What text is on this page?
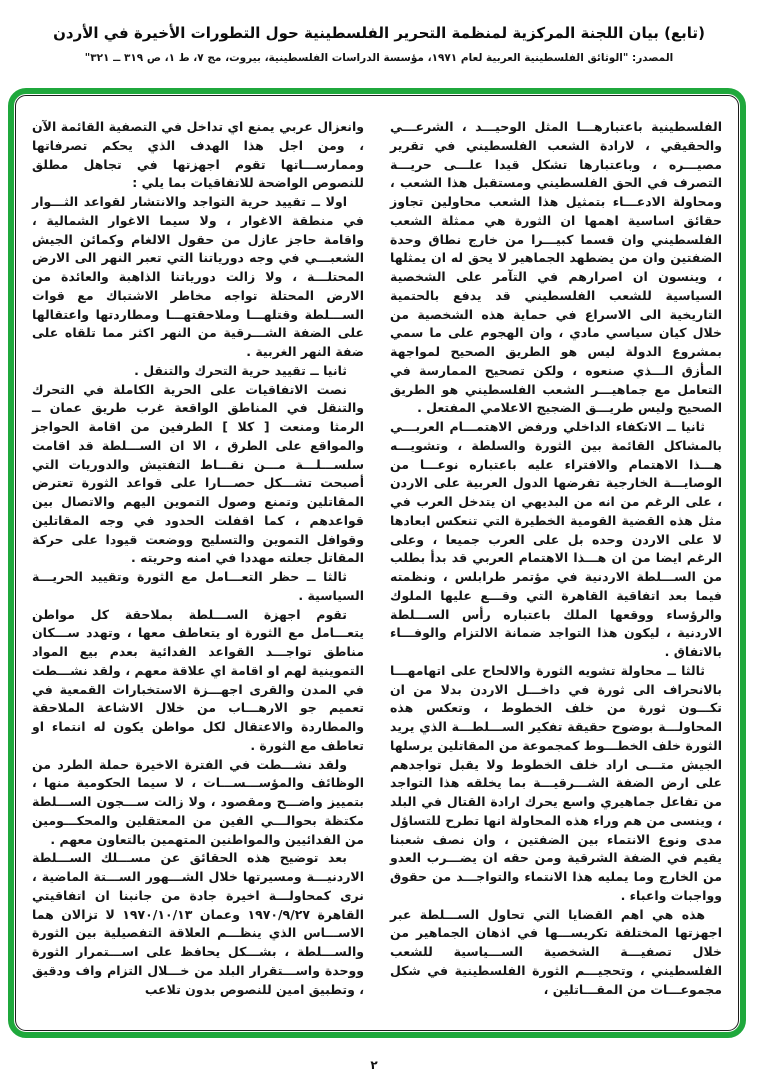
(تابع) بيان اللجنة المركزية لمنظمة التحرير الفلسطينية حول التطورات الأخيرة في الأردن
المصدر: "الوثائق الفلسطينية العربية لعام ١٩٧١، مؤسسة الدراسات الفلسطينية، بيروت، مج ٧، ط ١، ص ٣١٩ ــ ٣٢١"

الفلسطينية باعتبارهـــا المثل الوحيـــد ، الشرعـــي والحقيقي ، لارادة الشعب الفلسطيني في تقرير مصيـــره ، وباعتبارها تشكل قيدا علـــى حريـــة التصرف في الحق الفلسطيني ومستقبل هذا الشعب ، ومحاولة الادعـــاء بتمثيل هذا الشعب محاولين تجاوز حقائق اساسية اهمها ان الثورة هي ممثلة الشعب الفلسطيني وان قسما كبيـــرا من خارج نطاق وحدة الضفتين وان من يضطهد الجماهير لا يحق له ان يمثلها ، وينسون ان اصرارهم في التآمر على الشخصية السياسية للشعب الفلسطيني قد يدفع بالحتمية التاريخية الى الاسراع في حماية هذه الشخصية من خلال كيان سياسي مادي ، وان الهجوم على ما سمي بمشروع الدولة ليس هو الطريق الصحيح لمواجهة المأزق الـــذي صنعوه ، ولكن تصحيح الممارسة في التعامل مع جماهيـــر الشعب الفلسطيني هو الطريق الصحيح وليس طريـــق الضجيج الاعلامي المفتعل .

ثانيا ــ الاتكفاء الداخلي ورفض الاهتمـــام العربـــي بالمشاكل القائمة بين الثورة والسلطة ، وتشويـــه هـــذا الاهتمام والافتراء عليه باعتباره نوعـــا من الوصايـــة الخارجية تفرضها الدول العربية على الاردن ، على الرغم من انه من البديهي ان يتدخل العرب في مثل هذه القضية القومية الخطيرة التي تنعكس ابعادها لا على الاردن وحده بل على العرب جميعا ، وعلى الرغم ايضا من ان هـــذا الاهتمام العربي قد بدأ بطلب من الســـلطة الاردنية في مؤتمر طرابلس ، ونظمته فيما بعد اتفاقية القاهرة التي وقـــع عليها الملوك والرؤساء ووقعها الملك باعتباره رأس الســـلطة الاردنية ، ليكون هذا التواجد ضمانة الالتزام والوفـــاء بالاتفاق .

ثالثا ــ محاولة تشويه الثورة والالحاح على اتهامهـــا بالانحراف الى ثورة في داخـــل الاردن بدلا من ان تكـــون ثورة من خلف الخطوط ، وتعكس هذه المحاولـــة بوضوح حقيقة تفكير الســـلطـــة الذي يريد الثورة خلف الخطـــوط كمجموعة من المقاتلين يرسلها الجيش متـــى اراد خلف الخطوط ولا يقبل تواجدهم على ارض الضفة الشـــرقيـــة بما يخلقه هذا التواجد من تفاعل جماهيري واسع يحرك ارادة القتال في البلد ، وينسى من هم وراء هذه المحاولة انها تطرح للتساؤل مدى ونوع الانتماء بين الضفتين ، وان نصف شعبنا يقيم في الضفة الشرقية ومن حقه ان يضـــرب العدو من الخارج وما يمليه هذا الانتماء والتواجـــد من حقوق وواجبات واعباء .

هذه هي اهم القضايا التي تحاول الســـلطة عبر اجهزتها المختلفة تكريســـها في اذهان الجماهير من خلال تصفيـــة الشخصية الســـياسية للشعب الفلسطيني ، وتحجيـــم الثورة الفلسطينية في شكل مجموعـــات من المقـــاتلين ،

وانعزال عربي يمنع اي تداخل في التصفية القائمة الآن ، ومن اجل هذا الهدف الذي يحكم تصرفاتها وممارســـاتها تقوم اجهزتها في تجاهل مطلق للنصوص الواضحة للاتفاقيات بما يلي :

اولا ــ تقييد حرية التواجد والانتشار لقواعد الثـــوار في منطقة الاغوار ، ولا سيما الاغوار الشمالية ، واقامة حاجز عازل من حقول الالغام وكمائن الجيش الشعبـــي في وجه دورياتنا التي تعبر النهر الى الارض المحتلـــة ، ولا زالت دورياتنا الذاهبة والعائدة من الارض المحتلة تواجه مخاطر الاشتباك مع قوات الســـلطة وقتلهـــا وملاحقتهـــا ومطاردتها واعتقالها على الضفة الشـــرقية من النهر اكثر مما تلقاه على ضفة النهر الغربية .

ثانيا ــ تقييد حرية التحرك والتنقل .

نصت الاتفاقيات على الحرية الكاملة في التحرك والتنقل في المناطق الواقعة غرب طريق عمان ــ الرمثا ومنعت [ كلا ] الطرفين من اقامة الحواجز والمواقع على الطرق ، الا ان الســـلطة قد اقامت سلســـلـــة مـــن نقـــاط التفتيش والدوريات التي أصبحت تشـــكل حصـــارا على قواعد الثورة تعترض المقاتلين وتمنع وصول التموين اليهم والاتصال بين قواعدهم ، كما اقفلت الحدود في وجه المقاتلين وقوافل التموين والتسليح ووضعت قيودا على حركة المقاتل جعلته مهددا في امنه وحريته .

ثالثا ــ حظر التعـــامل مع الثورة وتقييد الحريـــة السياسية .

تقوم اجهزة الســـلطة بملاحقة كل مواطن يتعـــامل مع الثورة او يتعاطف معها ، وتهدد ســـكان مناطق تواجـــد القواعد الفدائية بعدم بيع المواد التموينية لهم او اقامة اي علاقة معهم ، ولقد نشـــطت في المدن والقرى اجهـــزة الاستخبارات القمعية في تعميم جو الارهـــاب من خلال الاشاعة الملاحقة والمطاردة والاعتقال لكل مواطن يكون له انتماء او تعاطف مع الثورة .

ولقد نشـــطت في الفترة الاخيرة حملة الطرد من الوظائف والمؤســـســـات ، لا سيما الحكومية منها ، بتمييز واضـــح ومقصود ، ولا زالت ســـجون الســـلطة مكتظة بحوالـــي الفين من المعتقلين والمحكـــومين من الفدائيين والمواطنين المتهمين بالتعاون معهم .

بعد توضيح هذه الحقائق عن مســـلك الســـلطة الاردنيـــة ومسيرتها خلال الشـــهور الســـتة الماضية ، نرى كمحاولـــة اخيرة جادة من جانبنا ان اتفاقيتي القاهرة ١٩٧٠/٩/٢٧ وعمان ١٩٧٠/١٠/١٣ لا تزالان هما الاســـاس الذي ينظـــم العلاقة التفصيلية بين الثورة والســـلطة ، بشـــكل يحافظ على اســـتمرار الثورة ووحدة واســـتقرار البلد من خـــلال التزام واف ودقيق ، وتطبيق امين للنصوص بدون تلاعب

٢
